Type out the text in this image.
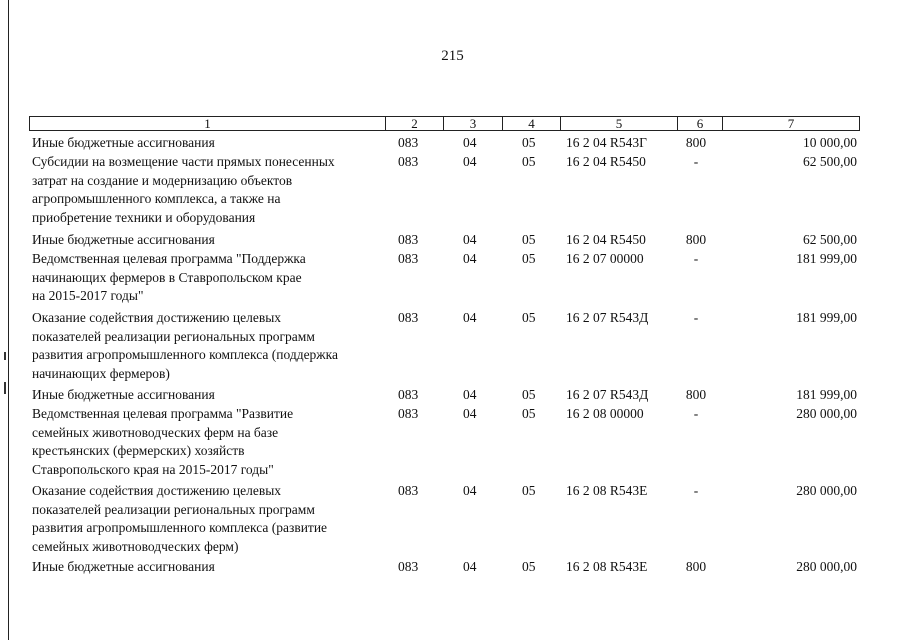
215
1	2	3	4	5	6	7
Иные бюджетные ассигнования	083	04	05	16 2 04 R543Г	800	10 000,00
Субсидии на возмещение части прямых понесенных
затрат на создание и модернизацию объектов
агропромышленного комплекса, а также на
приобретение техники и оборудования
083	04	05	16 2 04 R5450	-	62 500,00
Иные бюджетные ассигнования	083	04	05	16 2 04 R5450	800	62 500,00
Ведомственная целевая программа "Поддержка
начинающих фермеров в Ставропольском крае
на 2015-2017 годы"
083	04	05	16 2 07 00000	-	181 999,00
Оказание содействия достижению целевых
показателей реализации региональных программ
развития агропромышленного комплекса (поддержка
начинающих фермеров)
083	04	05	16 2 07 R543Д	-	181 999,00
Иные бюджетные ассигнования	083	04	05	16 2 07 R543Д	800	181 999,00
Ведомственная целевая программа "Развитие
семейных животноводческих ферм на базе
крестьянских (фермерских) хозяйств
Ставропольского края на 2015-2017 годы"
083	04	05	16 2 08 00000	-	280 000,00
Оказание содействия достижению целевых
показателей реализации региональных программ
развития агропромышленного комплекса (развитие
семейных животноводческих ферм)
083	04	05	16 2 08 R543Е	-	280 000,00
Иные бюджетные ассигнования	083	04	05	16 2 08 R543Е	800	280 000,00
